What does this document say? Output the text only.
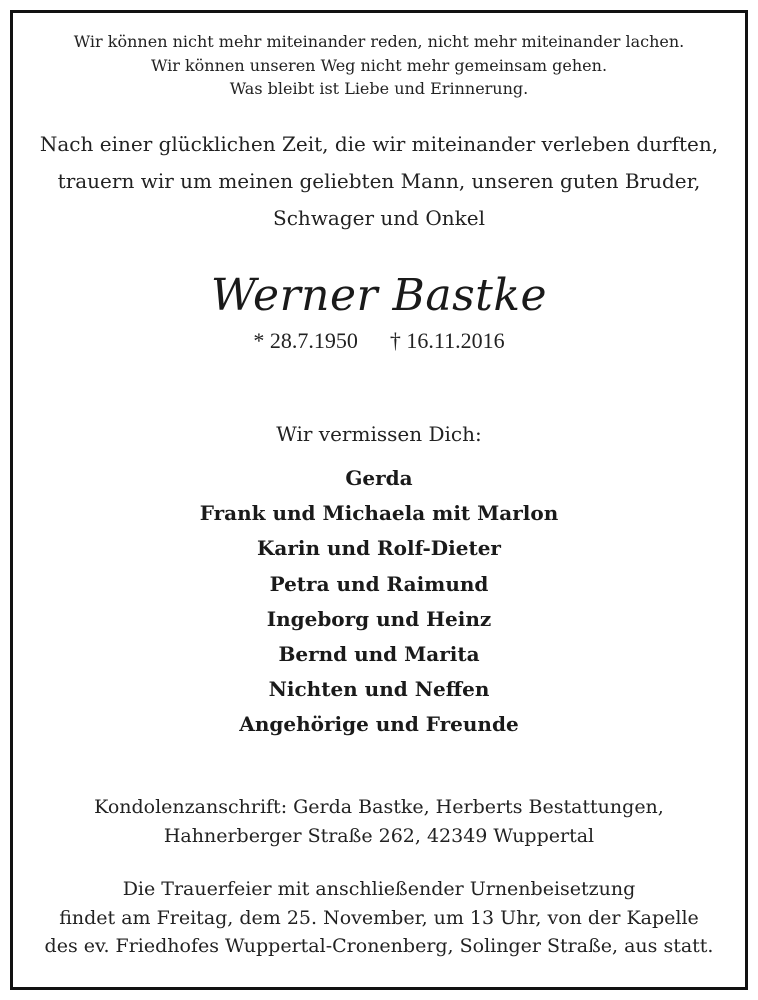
Wir können nicht mehr miteinander reden, nicht mehr miteinander lachen.
Wir können unseren Weg nicht mehr gemeinsam gehen.
Was bleibt ist Liebe und Erinnerung.
Nach einer glücklichen Zeit, die wir miteinander verleben durften,
trauern wir um meinen geliebten Mann, unseren guten Bruder,
Schwager und Onkel
Werner Bastke
* 28.7.1950 † 16.11.2016
Wir vermissen Dich:
Gerda
Frank und Michaela mit Marlon
Karin und Rolf-Dieter
Petra und Raimund
Ingeborg und Heinz
Bernd und Marita
Nichten und Neffen
Angehörige und Freunde
Kondolenzanschrift: Gerda Bastke, Herberts Bestattungen,
Hahnerberger Straße 262, 42349 Wuppertal
Die Trauerfeier mit anschließender Urnenbeisetzung
findet am Freitag, dem 25. November, um 13 Uhr, von der Kapelle
des ev. Friedhofes Wuppertal-Cronenberg, Solinger Straße, aus statt.
